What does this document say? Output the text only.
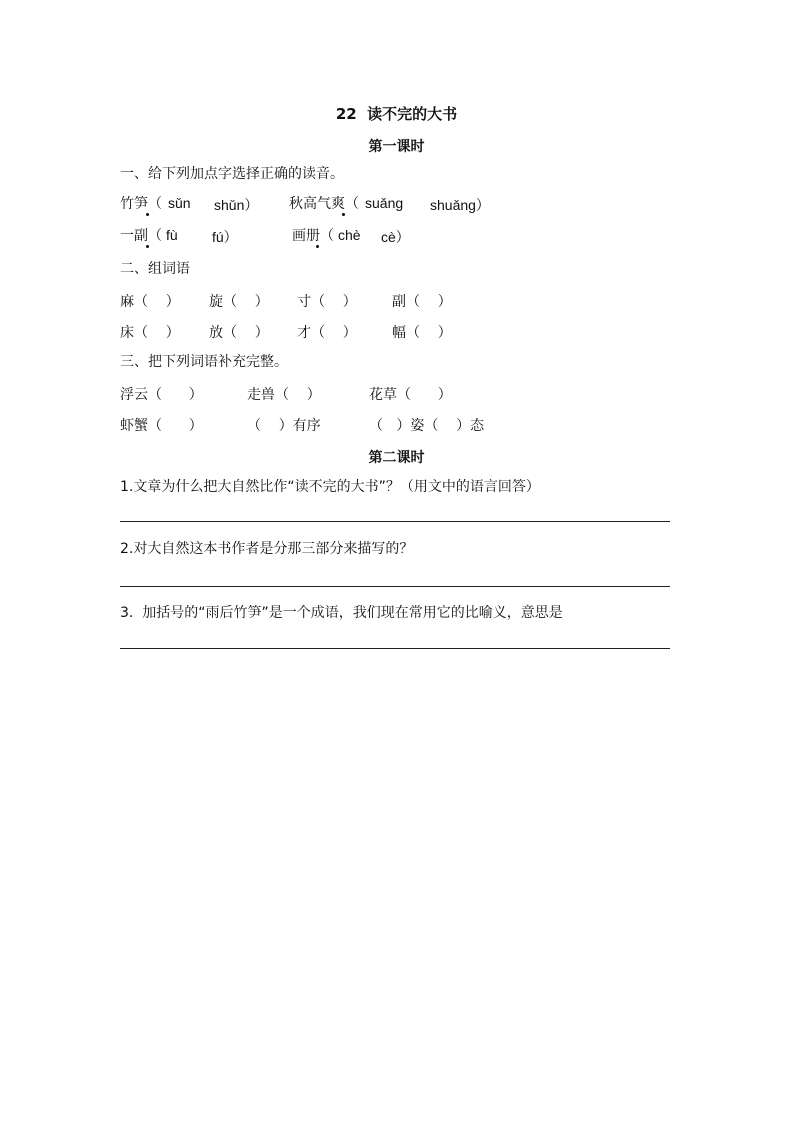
22  读不完的大书
第一课时
一、给下列加点字选择正确的读音。
竹笋（ sǔn shǔn） 秋高气爽（ suǎng shuǎng）
一副（ fù fú）	画册（ chè cè）
二、组词语
麻（    ） 旋（    ） 寸（    ）	副（    ）
床（    ） 放（    ） 才（    ）	幅（    ）
三、把下列词语补充完整。
浮云（      ）	走兽（    ）	花草（      ）
虾蟹（      ）	（    ）有序	（   ）姿（    ）态
第二课时
1.文章为什么把大自然比作“读不完的大书”？（用文中的语言回答）
2.对大自然这本书作者是分那三部分来描写的？
3.  加括号的“雨后竹笋”是一个成语，我们现在常用它的比喻义，意思是
